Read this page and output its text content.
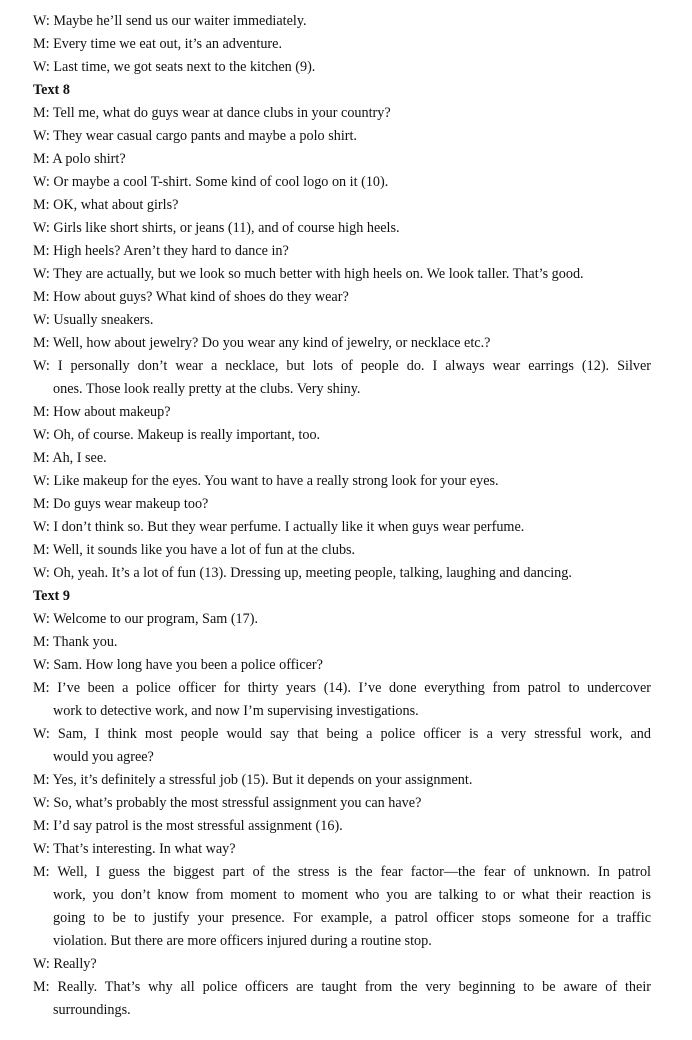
W: Maybe he’ll send us our waiter immediately.
M: Every time we eat out, it’s an adventure.
W: Last time, we got seats next to the kitchen (9).
Text 8
M: Tell me, what do guys wear at dance clubs in your country?
W: They wear casual cargo pants and maybe a polo shirt.
M: A polo shirt?
W: Or maybe a cool T-shirt. Some kind of cool logo on it (10).
M: OK, what about girls?
W: Girls like short shirts, or jeans (11), and of course high heels.
M: High heels? Aren’t they hard to dance in?
W: They are actually, but we look so much better with high heels on. We look taller. That’s good.
M: How about guys? What kind of shoes do they wear?
W: Usually sneakers.
M: Well, how about jewelry? Do you wear any kind of jewelry, or necklace etc.?
W: I personally don’t wear a necklace, but lots of people do. I always wear earrings (12). Silver
ones. Those look really pretty at the clubs. Very shiny.
M: How about makeup?
W: Oh, of course. Makeup is really important, too.
M: Ah, I see.
W: Like makeup for the eyes. You want to have a really strong look for your eyes.
M: Do guys wear makeup too?
W: I don’t think so. But they wear perfume. I actually like it when guys wear perfume.
M: Well, it sounds like you have a lot of fun at the clubs.
W: Oh, yeah. It’s a lot of fun (13). Dressing up, meeting people, talking, laughing and dancing.
Text 9
W: Welcome to our program, Sam (17).
M: Thank you.
W: Sam. How long have you been a police officer?
M: I’ve been a police officer for thirty years (14). I’ve done everything from patrol to undercover
work to detective work, and now I’m supervising investigations.
W: Sam, I think most people would say that being a police officer is a very stressful work, and
would you agree?
M: Yes, it’s definitely a stressful job (15). But it depends on your assignment.
W: So, what’s probably the most stressful assignment you can have?
M: I’d say patrol is the most stressful assignment (16).
W: That’s interesting. In what way?
M: Well, I guess the biggest part of the stress is the fear factor—the fear of unknown. In patrol
work, you don’t know from moment to moment who you are talking to or what their reaction is
going to be to justify your presence. For example, a patrol officer stops someone for a traffic
violation. But there are more officers injured during a routine stop.
W: Really?
M: Really. That’s why all police officers are taught from the very beginning to be aware of their
surroundings.
